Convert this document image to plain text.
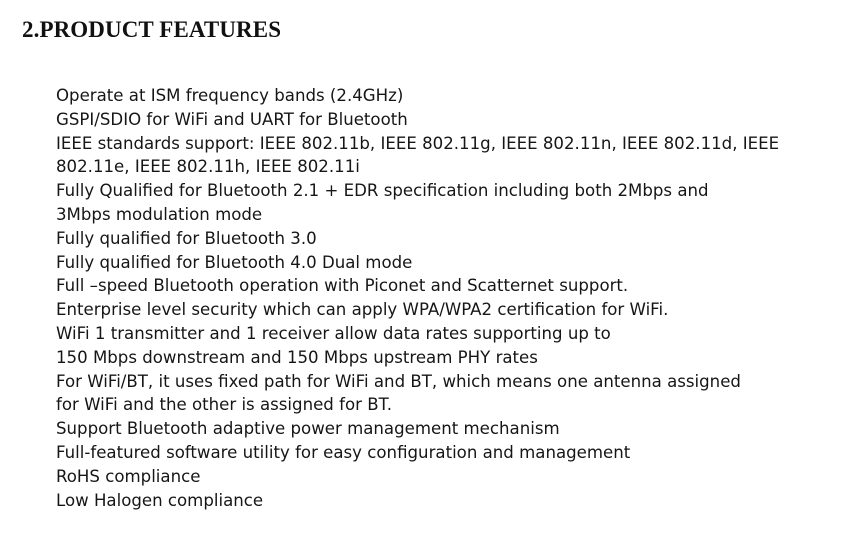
2.PRODUCT FEATURES
Operate at ISM frequency bands (2.4GHz)
GSPI/SDIO for WiFi and UART for Bluetooth
IEEE standards support: IEEE 802.11b, IEEE 802.11g, IEEE 802.11n, IEEE 802.11d, IEEE
802.11e, IEEE 802.11h, IEEE 802.11i
Fully Qualified for Bluetooth 2.1 + EDR specification including both 2Mbps and
3Mbps modulation mode
Fully qualified for Bluetooth 3.0
Fully qualified for Bluetooth 4.0 Dual mode
Full –speed Bluetooth operation with Piconet and Scatternet support.
Enterprise level security which can apply WPA/WPA2 certification for WiFi.
WiFi 1 transmitter and 1 receiver allow data rates supporting up to
150 Mbps downstream and 150 Mbps upstream PHY rates
For WiFi/BT, it uses fixed path for WiFi and BT, which means one antenna assigned
for WiFi and the other is assigned for BT.
Support Bluetooth adaptive power management mechanism
Full-featured software utility for easy configuration and management
RoHS compliance
Low Halogen compliance
